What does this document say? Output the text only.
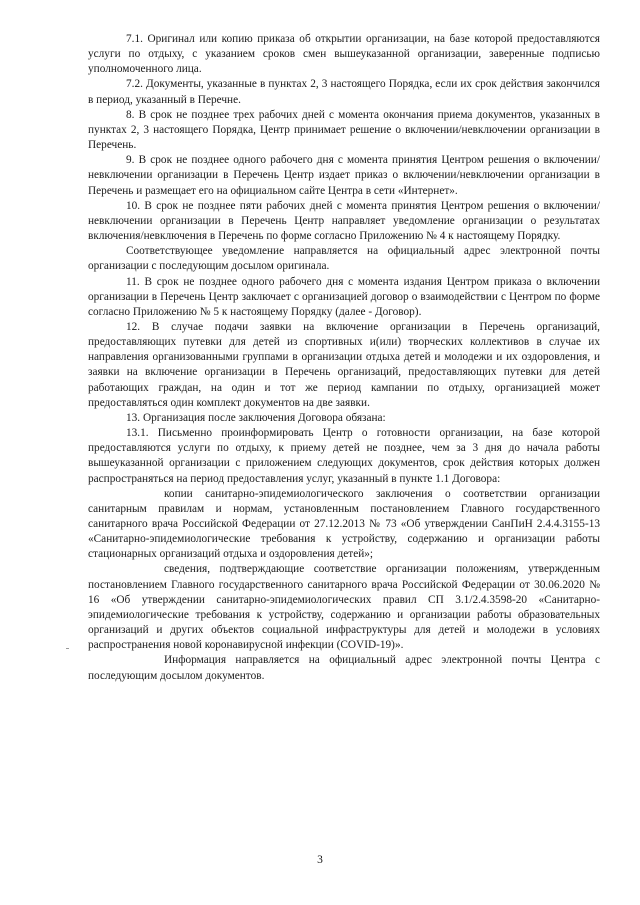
7.1. Оригинал или копию приказа об открытии организации, на базе которой предоставляются услуги по отдыху, с указанием сроков смен вышеуказанной организации, заверенные подписью уполномоченного лица.

7.2. Документы, указанные в пунктах 2, 3 настоящего Порядка, если их срок действия закончился в период, указанный в Перечне.

8. В срок не позднее трех рабочих дней с момента окончания приема документов, указанных в пунктах 2, 3 настоящего Порядка, Центр принимает решение о включении/невключении организации в Перечень.

9. В срок не позднее одного рабочего дня с момента принятия Центром решения о включении/невключении организации в Перечень Центр издает приказ о включении/невключении организации в Перечень и размещает его на официальном сайте Центра в сети «Интернет».

10. В срок не позднее пяти рабочих дней с момента принятия Центром решения о включении/невключении организации в Перечень Центр направляет уведомление организации о результатах включения/невключения в Перечень по форме согласно Приложению № 4 к настоящему Порядку.

Соответствующее уведомление направляется на официальный адрес электронной почты организации с последующим досылом оригинала.

11. В срок не позднее одного рабочего дня с момента издания Центром приказа о включении организации в Перечень Центр заключает с организацией договор о взаимодействии с Центром по форме согласно Приложению № 5 к настоящему Порядку (далее - Договор).

12. В случае подачи заявки на включение организации в Перечень организаций, предоставляющих путевки для детей из спортивных и(или) творческих коллективов в случае их направления организованными группами в организации отдыха детей и молодежи и их оздоровления, и заявки на включение организации в Перечень организаций, предоставляющих путевки для детей работающих граждан, на один и тот же период кампании по отдыху, организацией может предоставляться один комплект документов на две заявки.

13. Организация после заключения Договора обязана:

13.1. Письменно проинформировать Центр о готовности организации, на базе которой предоставляются услуги по отдыху, к приему детей не позднее, чем за 3 дня до начала работы вышеуказанной организации с приложением следующих документов, срок действия которых должен распространяться на период предоставления услуг, указанный в пункте 1.1 Договора:

копии санитарно-эпидемиологического заключения о соответствии организации санитарным правилам и нормам, установленным постановлением Главного государственного санитарного врача Российской Федерации от 27.12.2013 № 73 «Об утверждении СанПиН 2.4.4.3155-13 «Санитарно-эпидемиологические требования к устройству, содержанию и организации работы стационарных организаций отдыха и оздоровления детей»;

сведения, подтверждающие соответствие организации положениям, утвержденным постановлением Главного государственного санитарного врача Российской Федерации от 30.06.2020 № 16 «Об утверждении санитарно-эпидемиологических правил СП 3.1/2.4.3598-20 «Санитарно-эпидемиологические требования к устройству, содержанию и организации работы образовательных организаций и других объектов социальной инфраструктуры для детей и молодежи в условиях распространения новой коронавирусной инфекции (COVID-19)».

Информация направляется на официальный адрес электронной почты Центра с последующим досылом документов.

3
